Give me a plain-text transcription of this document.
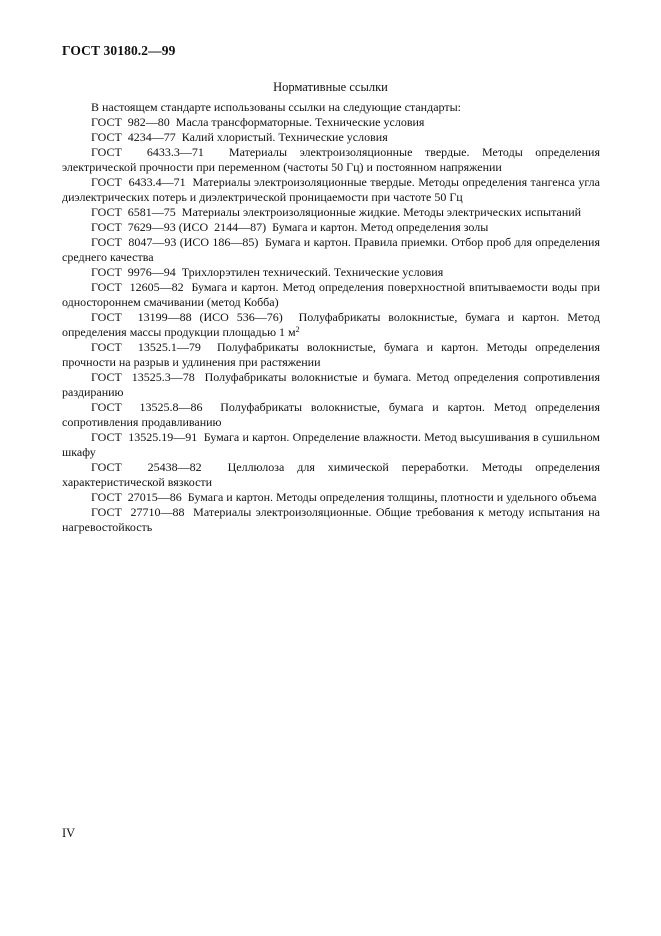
ГОСТ 30180.2—99
Нормативные ссылки

В настоящем стандарте использованы ссылки на следующие стандарты:

ГОСТ  982—80  Масла трансформаторные. Технические условия

ГОСТ  4234—77  Калий хлористый. Технические условия

ГОСТ  6433.3—71  Материалы электроизоляционные твердые. Методы определения электрической прочности при переменном (частоты 50 Гц) и постоянном напряжении

ГОСТ  6433.4—71  Материалы электроизоляционные твердые. Методы определения тангенса угла диэлектрических потерь и диэлектрической проницаемости при частоте 50 Гц

ГОСТ  6581—75  Материалы электроизоляционные жидкие. Методы электрических испытаний

ГОСТ  7629—93 (ИСО  2144—87)  Бумага и картон. Метод определения золы

ГОСТ  8047—93 (ИСО 186—85)  Бумага и картон. Правила приемки. Отбор проб для определения среднего качества

ГОСТ  9976—94  Трихлорэтилен технический. Технические условия

ГОСТ  12605—82  Бумага и картон. Метод определения поверхностной впитываемости воды при одностороннем смачивании (метод Кобба)

ГОСТ  13199—88 (ИСО 536—76)  Полуфабрикаты волокнистые, бумага и картон. Метод определения массы продукции площадью 1 $м^2$

ГОСТ  13525.1—79  Полуфабрикаты волокнистые, бумага и картон. Методы определения прочности на разрыв и удлинения при растяжении

ГОСТ  13525.3—78  Полуфабрикаты волокнистые и бумага. Метод определения сопротивления раздиранию

ГОСТ  13525.8—86  Полуфабрикаты волокнистые, бумага и картон. Метод определения сопротивления продавливанию

ГОСТ  13525.19—91  Бумага и картон. Определение влажности. Метод высушивания в сушильном шкафу

ГОСТ  25438—82  Целлюлоза для химической переработки. Методы определения характеристической вязкости

ГОСТ  27015—86  Бумага и картон. Методы определения толщины, плотности и удельного объема

ГОСТ  27710—88  Материалы электроизоляционные. Общие требования к методу испытания на нагревостойкость

IV
